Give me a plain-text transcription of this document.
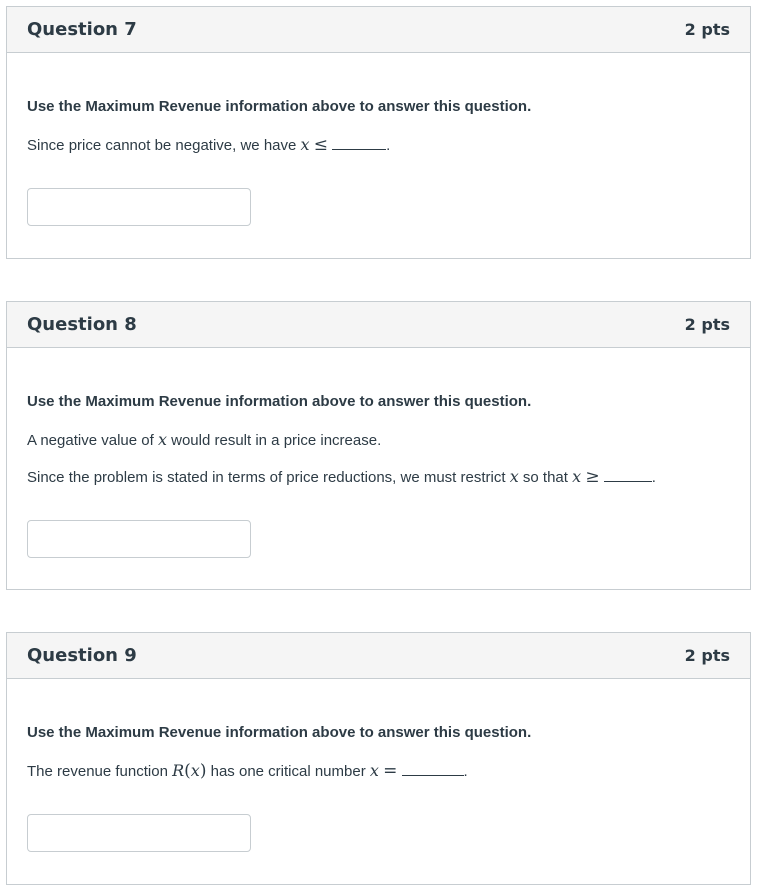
Question 7	2 pts

Use the Maximum Revenue information above to answer this question.

Since price cannot be negative, we have x ≤	.

Question 8	2 pts

Use the Maximum Revenue information above to answer this question.

A negative value of x would result in a price increase.

Since the problem is stated in terms of price reductions, we must restrict x so that x ≥	.

Question 9	2 pts

Use the Maximum Revenue information above to answer this question.

The revenue function R(x) has one critical number x =	.
